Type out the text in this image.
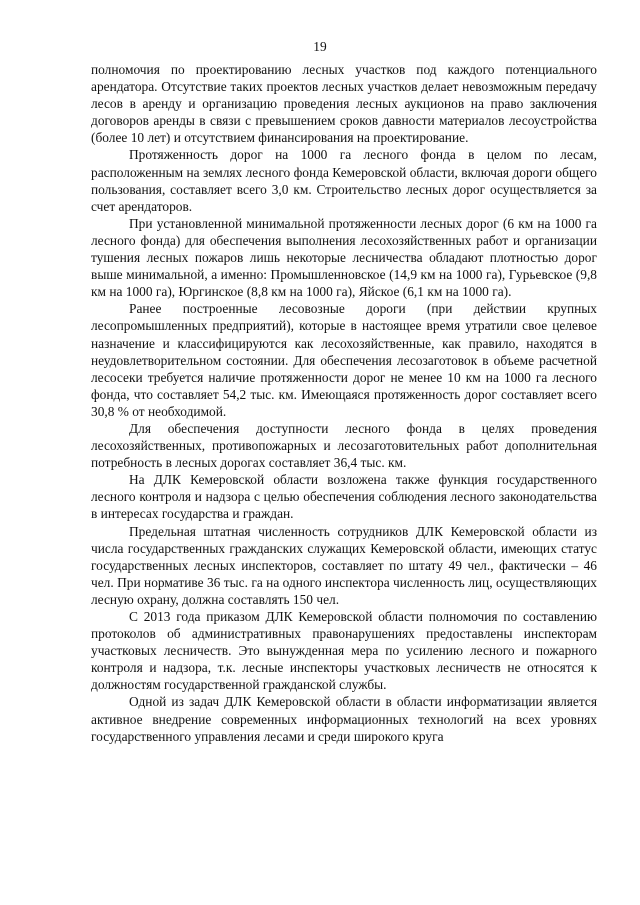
19

полномочия по проектированию лесных участков под каждого потенциального арендатора. Отсутствие таких проектов лесных участков делает невозможным передачу лесов в аренду и организацию проведения лесных аукционов на право заключения договоров аренды в связи с превышением сроков давности материалов лесоустройства (более 10 лет) и отсутствием финансирования на проектирование.

Протяженность дорог на 1000 га лесного фонда в целом по лесам, расположенным на землях лесного фонда Кемеровской области, включая дороги общего пользования, составляет всего 3,0 км. Строительство лесных дорог осуществляется за счет арендаторов.

При установленной минимальной протяженности лесных дорог (6 км на 1000 га лесного фонда) для обеспечения выполнения лесохозяйственных работ и организации тушения лесных пожаров лишь некоторые лесничества обладают плотностью дорог выше минимальной, а именно: Промышленновское (14,9 км на 1000 га), Гурьевское (9,8 км на 1000 га), Юргинское (8,8 км на 1000 га), Яйское (6,1 км на 1000 га).

Ранее построенные лесовозные дороги (при действии крупных лесопромышленных предприятий), которые в настоящее время утратили свое целевое назначение и классифицируются как лесохозяйственные, как правило, находятся в неудовлетворительном состоянии. Для обеспечения лесозаготовок в объеме расчетной лесосеки требуется наличие протяженности дорог не менее 10 км на 1000 га лесного фонда, что составляет 54,2 тыс. км. Имеющаяся протяженность дорог составляет всего 30,8 % от необходимой.

Для обеспечения доступности лесного фонда в целях проведения лесохозяйственных, противопожарных и лесозаготовительных работ дополнительная потребность в лесных дорогах составляет 36,4 тыс. км.

На ДЛК Кемеровской области возложена также функция государственного лесного контроля и надзора с целью обеспечения соблюдения лесного законодательства в интересах государства и граждан.

Предельная штатная численность сотрудников ДЛК Кемеровской области из числа государственных гражданских служащих Кемеровской области, имеющих статус государственных лесных инспекторов, составляет по штату 49 чел., фактически – 46 чел. При нормативе 36 тыс. га на одного инспектора численность лиц, осуществляющих лесную охрану, должна составлять 150 чел.

С 2013 года приказом ДЛК Кемеровской области полномочия по составлению протоколов об административных правонарушениях предоставлены инспекторам участковых лесничеств. Это вынужденная мера по усилению лесного и пожарного контроля и надзора, т.к. лесные инспекторы участковых лесничеств не относятся к должностям государственной гражданской службы.

Одной из задач ДЛК Кемеровской области в области информатизации является активное внедрение современных информационных технологий на всех уровнях государственного управления лесами и среди широкого круга
